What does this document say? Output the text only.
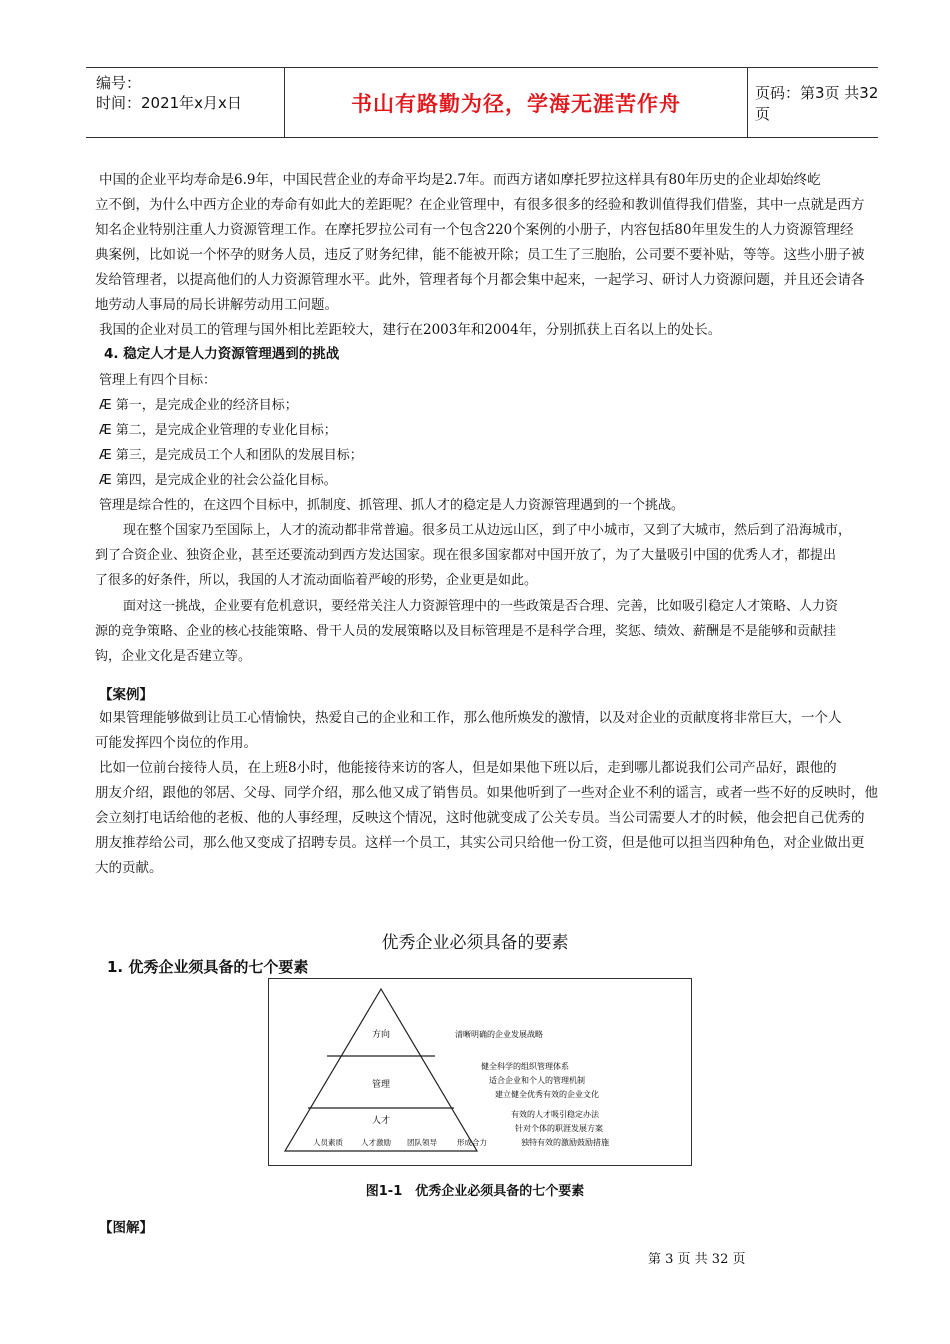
编号：
时间：2021年x月x日	书山有路勤为径，学海无涯苦作舟	页码：第3页 共32页
中国的企业平均寿命是6.9年，中国民营企业的寿命平均是2.7年。而西方诸如摩托罗拉这样具有80年历史的企业却始终屹
立不倒，为什么中西方企业的寿命有如此大的差距呢？在企业管理中，有很多很多的经验和教训值得我们借鉴，其中一点就是西方
知名企业特别注重人力资源管理工作。在摩托罗拉公司有一个包含220个案例的小册子，内容包括80年里发生的人力资源管理经
典案例，比如说一个怀孕的财务人员，违反了财务纪律，能不能被开除；员工生了三胞胎，公司要不要补贴，等等。这些小册子被
发给管理者，以提高他们的人力资源管理水平。此外，管理者每个月都会集中起来，一起学习、研讨人力资源问题，并且还会请各
地劳动人事局的局长讲解劳动用工问题。
我国的企业对员工的管理与国外相比差距较大，建行在2003年和2004年，分别抓获上百名以上的处长。
4. 稳定人才是人力资源管理遇到的挑战
管理上有四个目标：
Æ 第一，是完成企业的经济目标；
Æ 第二，是完成企业管理的专业化目标；
Æ 第三，是完成员工个人和团队的发展目标；
Æ 第四，是完成企业的社会公益化目标。
管理是综合性的，在这四个目标中，抓制度、抓管理、抓人才的稳定是人力资源管理遇到的一个挑战。
现在整个国家乃至国际上，人才的流动都非常普遍。很多员工从边远山区，到了中小城市，又到了大城市，然后到了沿海城市，
到了合资企业、独资企业，甚至还要流动到西方发达国家。现在很多国家都对中国开放了，为了大量吸引中国的优秀人才，都提出
了很多的好条件，所以，我国的人才流动面临着严峻的形势，企业更是如此。
面对这一挑战，企业要有危机意识，要经常关注人力资源管理中的一些政策是否合理、完善，比如吸引稳定人才策略、人力资
源的竞争策略、企业的核心技能策略、骨干人员的发展策略以及目标管理是不是科学合理，奖惩、绩效、薪酬是不是能够和贡献挂
钩，企业文化是否建立等。
【案例】
如果管理能够做到让员工心情愉快，热爱自己的企业和工作，那么他所焕发的激情，以及对企业的贡献度将非常巨大，一个人
可能发挥四个岗位的作用。
比如一位前台接待人员，在上班8小时，他能接待来访的客人，但是如果他下班以后，走到哪儿都说我们公司产品好，跟他的
朋友介绍，跟他的邻居、父母、同学介绍，那么他又成了销售员。如果他听到了一些对企业不利的谣言，或者一些不好的反映时，他
会立刻打电话给他的老板、他的人事经理，反映这个情况，这时他就变成了公关专员。当公司需要人才的时候，他会把自己优秀的
朋友推荐给公司，那么他又变成了招聘专员。这样一个员工，其实公司只给他一份工资，但是他可以担当四种角色，对企业做出更
大的贡献。
优秀企业必须具备的要素
1. 优秀企业须具备的七个要素
方向
管理
人才
人员素质 人才激励 团队领导	形成合力
清晰明确的企业发展战略
健全科学的组织管理体系
适合企业和个人的管理机制
建立健全优秀有效的企业文化
有效的人才吸引稳定办法
针对个体的职涯发展方案
独特有效的激励鼓励措施
图1-1　优秀企业必须具备的七个要素
【图解】
第 3 页 共 32 页
